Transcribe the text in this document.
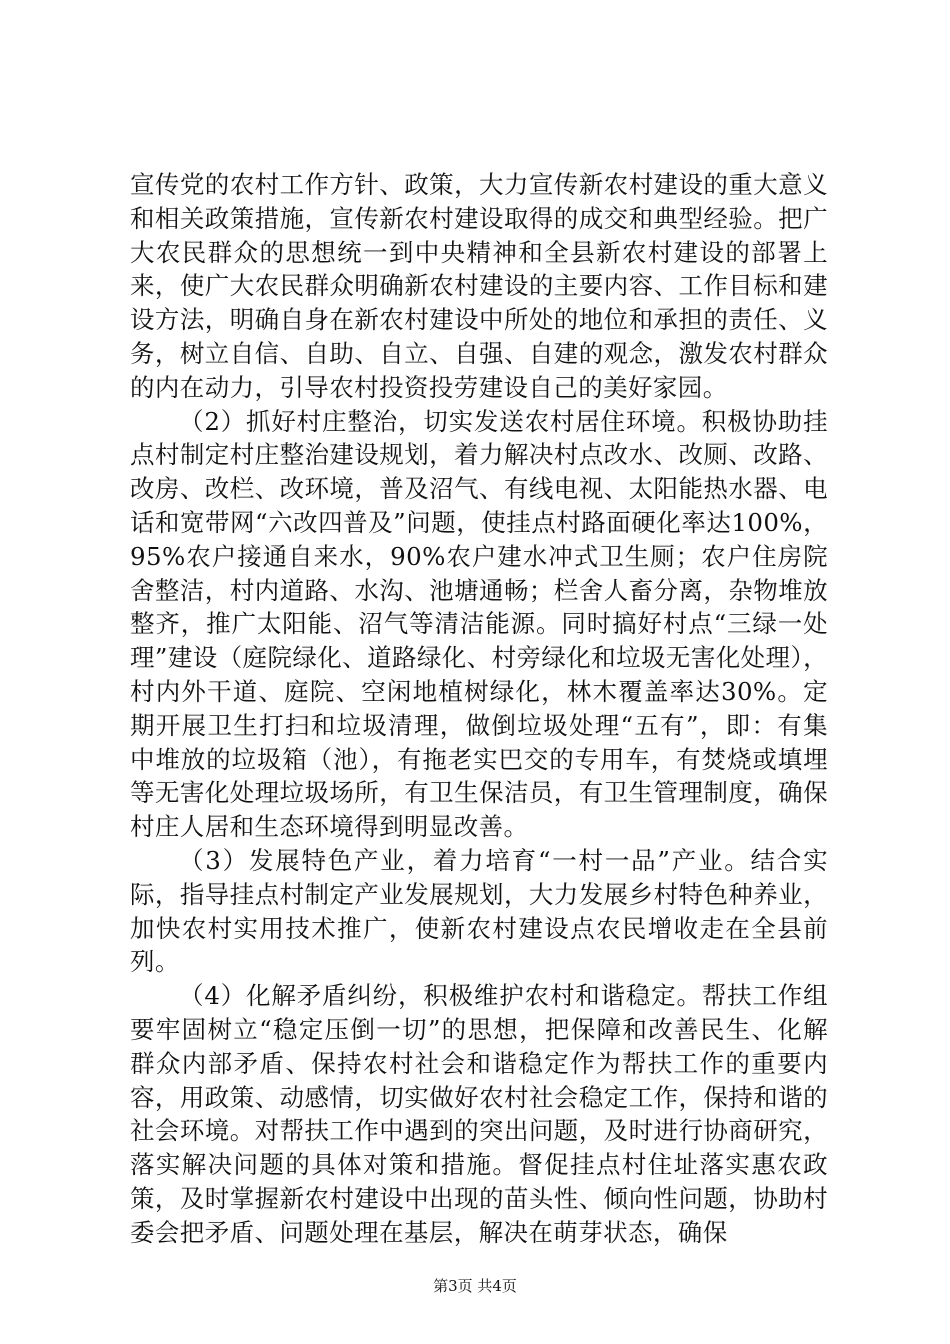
宣传党的农村工作方针、政策，大力宣传新农村建设的重大意义和相关政策措施，宣传新农村建设取得的成交和典型经验。把广大农民群众的思想统一到中央精神和全县新农村建设的部署上来，使广大农民群众明确新农村建设的主要内容、工作目标和建设方法，明确自身在新农村建设中所处的地位和承担的责任、义务，树立自信、自助、自立、自强、自建的观念，激发农村群众的内在动力，引导农村投资投劳建设自己的美好家园。

（2）抓好村庄整治，切实发送农村居住环境。积极协助挂点村制定村庄整治建设规划，着力解决村点改水、改厕、改路、改房、改栏、改环境，普及沼气、有线电视、太阳能热水器、电话和宽带网“六改四普及”问题，使挂点村路面硬化率达100%，95%农户接通自来水，90%农户建水冲式卫生厕；农户住房院舍整洁，村内道路、水沟、池塘通畅；栏舍人畜分离，杂物堆放整齐，推广太阳能、沼气等清洁能源。同时搞好村点“三绿一处理”建设（庭院绿化、道路绿化、村旁绿化和垃圾无害化处理），村内外干道、庭院、空闲地植树绿化，林木覆盖率达30%。定期开展卫生打扫和垃圾清理，做倒垃圾处理“五有”，即：有集中堆放的垃圾箱（池），有拖老实巴交的专用车，有焚烧或填埋等无害化处理垃圾场所，有卫生保洁员，有卫生管理制度，确保村庄人居和生态环境得到明显改善。

（3）发展特色产业，着力培育“一村一品”产业。结合实际，指导挂点村制定产业发展规划，大力发展乡村特色种养业，加快农村实用技术推广，使新农村建设点农民增收走在全县前列。

（4）化解矛盾纠纷，积极维护农村和谐稳定。帮扶工作组要牢固树立“稳定压倒一切”的思想，把保障和改善民生、化解群众内部矛盾、保持农村社会和谐稳定作为帮扶工作的重要内容，用政策、动感情，切实做好农村社会稳定工作，保持和谐的社会环境。对帮扶工作中遇到的突出问题，及时进行协商研究，落实解决问题的具体对策和措施。督促挂点村住址落实惠农政策，及时掌握新农村建设中出现的苗头性、倾向性问题，协助村委会把矛盾、问题处理在基层，解决在萌芽状态，确保

第3页 共4页
